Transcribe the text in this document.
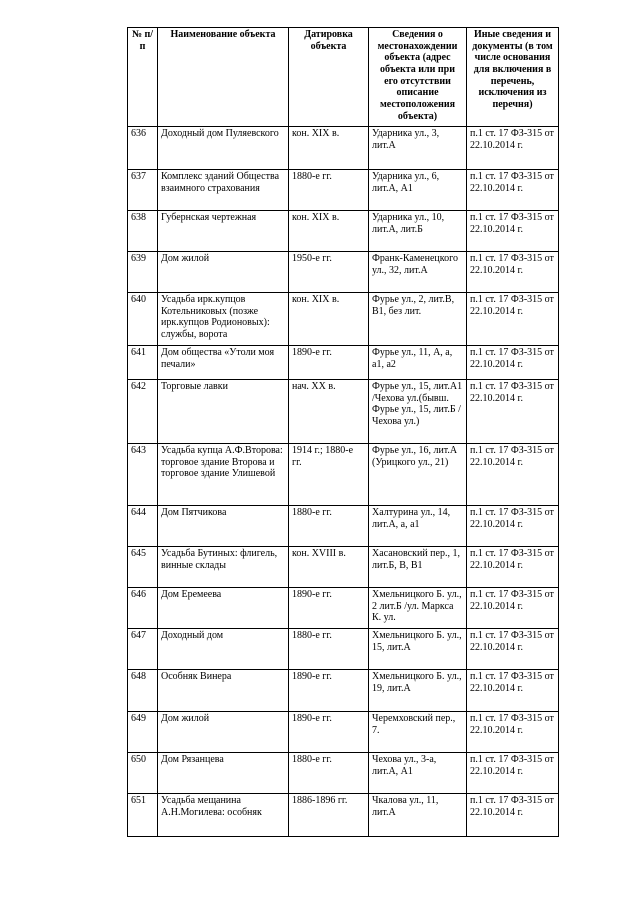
№ п/п	Наименование объекта	Датировка объекта	Сведения о местонахождении объекта (адрес объекта или при его отсутствии описание местоположения объекта)	Иные сведения и документы (в том числе основания для включения в перечень, исключения из перечня)
636	Доходный дом Пуляевского	кон. XIX в.	Ударника ул., 3, лит.А	п.1 ст. 17 ФЗ-315 от 22.10.2014 г.
637	Комплекс зданий Общества взаимного страхования	1880-е гг.	Ударника ул., 6, лит.А, А1	п.1 ст. 17 ФЗ-315 от 22.10.2014 г.
638	Губернская чертежная	кон. XIX в.	Ударника ул., 10, лит.А, лит.Б	п.1 ст. 17 ФЗ-315 от 22.10.2014 г.
639	Дом жилой	1950-е гг.	Франк-Каменецкого ул., 32, лит.А	п.1 ст. 17 ФЗ-315 от 22.10.2014 г.
640	Усадьба ирк.купцов Котельниковых (позже ирк.купцов Родионовых): службы, ворота	кон. XIX в.	Фурье ул., 2, лит.В, В1, без лит.	п.1 ст. 17 ФЗ-315 от 22.10.2014 г.
641	Дом общества «Утоли моя печали»	1890-е гг.	Фурье ул., 11, А, а, а1, а2	п.1 ст. 17 ФЗ-315 от 22.10.2014 г.
642	Торговые лавки	нач. XX в.	Фурье ул., 15, лит.А1 /Чехова ул.(бывш. Фурье ул., 15, лит.Б /Чехова ул.)	п.1 ст. 17 ФЗ-315 от 22.10.2014 г.
643	Усадьба купца А.Ф.Второва: торговое здание Второва и торговое здание Улишевой	1914 г.; 1880-е гг.	Фурье ул., 16, лит.А (Урицкого ул., 21)	п.1 ст. 17 ФЗ-315 от 22.10.2014 г.
644	Дом Пятчикова	1880-е гг.	Халтурина ул., 14, лит.А, а, а1	п.1 ст. 17 ФЗ-315 от 22.10.2014 г.
645	Усадьба Бутиных: флигель, винные склады	кон. XVIII в.	Хасановский пер., 1, лит.Б, В, В1	п.1 ст. 17 ФЗ-315 от 22.10.2014 г.
646	Дом Еремеева	1890-е гг.	Хмельницкого Б. ул., 2 лит.Б /ул. Маркса К. ул.	п.1 ст. 17 ФЗ-315 от 22.10.2014 г.
647	Доходный дом	1880-е гг.	Хмельницкого Б. ул., 15, лит.А	п.1 ст. 17 ФЗ-315 от 22.10.2014 г.
648	Особняк Винера	1890-е гг.	Хмельницкого Б. ул., 19, лит.А	п.1 ст. 17 ФЗ-315 от 22.10.2014 г.
649	Дом жилой	1890-е гг.	Черемховский пер., 7.	п.1 ст. 17 ФЗ-315 от 22.10.2014 г.
650	Дом Рязанцева	1880-е гг.	Чехова ул., 3-а, лит.А, А1	п.1 ст. 17 ФЗ-315 от 22.10.2014 г.
651	Усадьба мещанина А.Н.Могилева: особняк	1886-1896 гг.	Чкалова ул., 11, лит.А	п.1 ст. 17 ФЗ-315 от 22.10.2014 г.
